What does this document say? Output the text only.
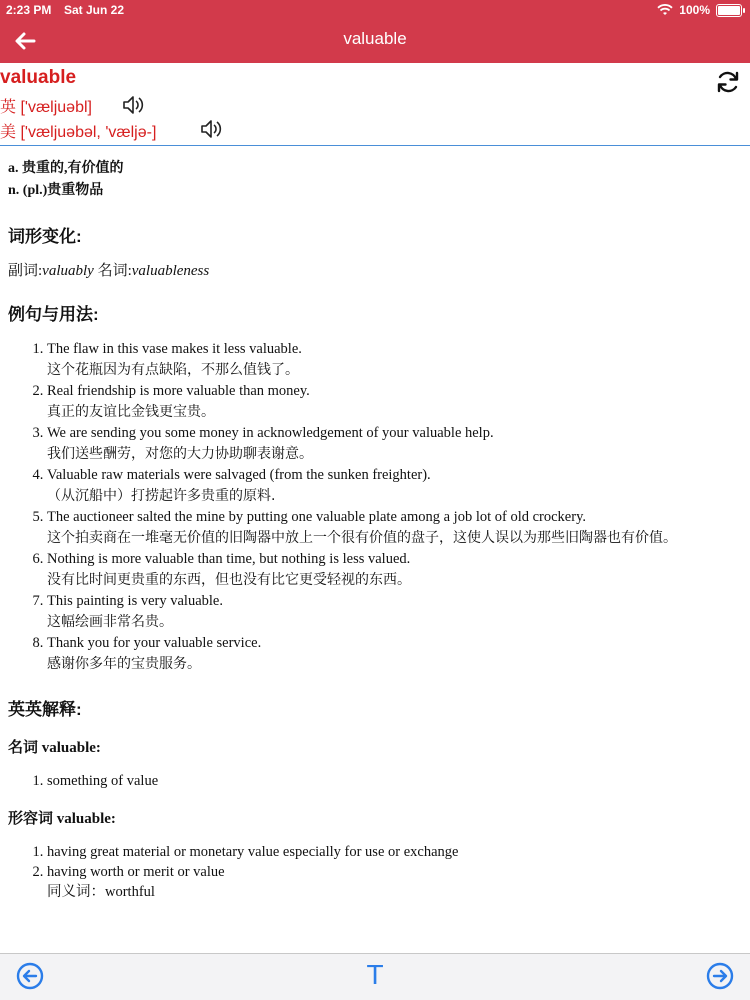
2:23 PM Sat Jun 22	100%
valuable
valuable
英 ['væljuəbl]
美 ['væljuəbəl, 'væljə-]
a. 贵重的,有价值的
n. (pl.)贵重物品
词形变化:

副词:valuably 名词:valuableness

例句与用法:
1. The flaw in this vase makes it less valuable.
这个花瓶因为有点缺陷，不那么值钱了。
2. Real friendship is more valuable than money.
真正的友谊比金钱更宝贵。
3. We are sending you some money in acknowledgement of your valuable help.
我们送些酬劳，对您的大力协助聊表谢意。
4. Valuable raw materials were salvaged (from the sunken freighter).
（从沉船中）打捞起许多贵重的原料.
5. The auctioneer salted the mine by putting one valuable plate among a job lot of old crockery.
这个拍卖商在一堆毫无价值的旧陶器中放上一个很有价值的盘子，这使人误以为那些旧陶器也有价值。
6. Nothing is more valuable than time, but nothing is less valued.
没有比时间更贵重的东西，但也没有比它更受轻视的东西。
7. This painting is very valuable.
这幅绘画非常名贵。
8. Thank you for your valuable service.
感谢你多年的宝贵服务。
英英解释:
名词 valuable:
1. something of value
形容词 valuable:
1. having great material or monetary value especially for use or exchange
2. having worth or merit or value
同义词：worthful
T
